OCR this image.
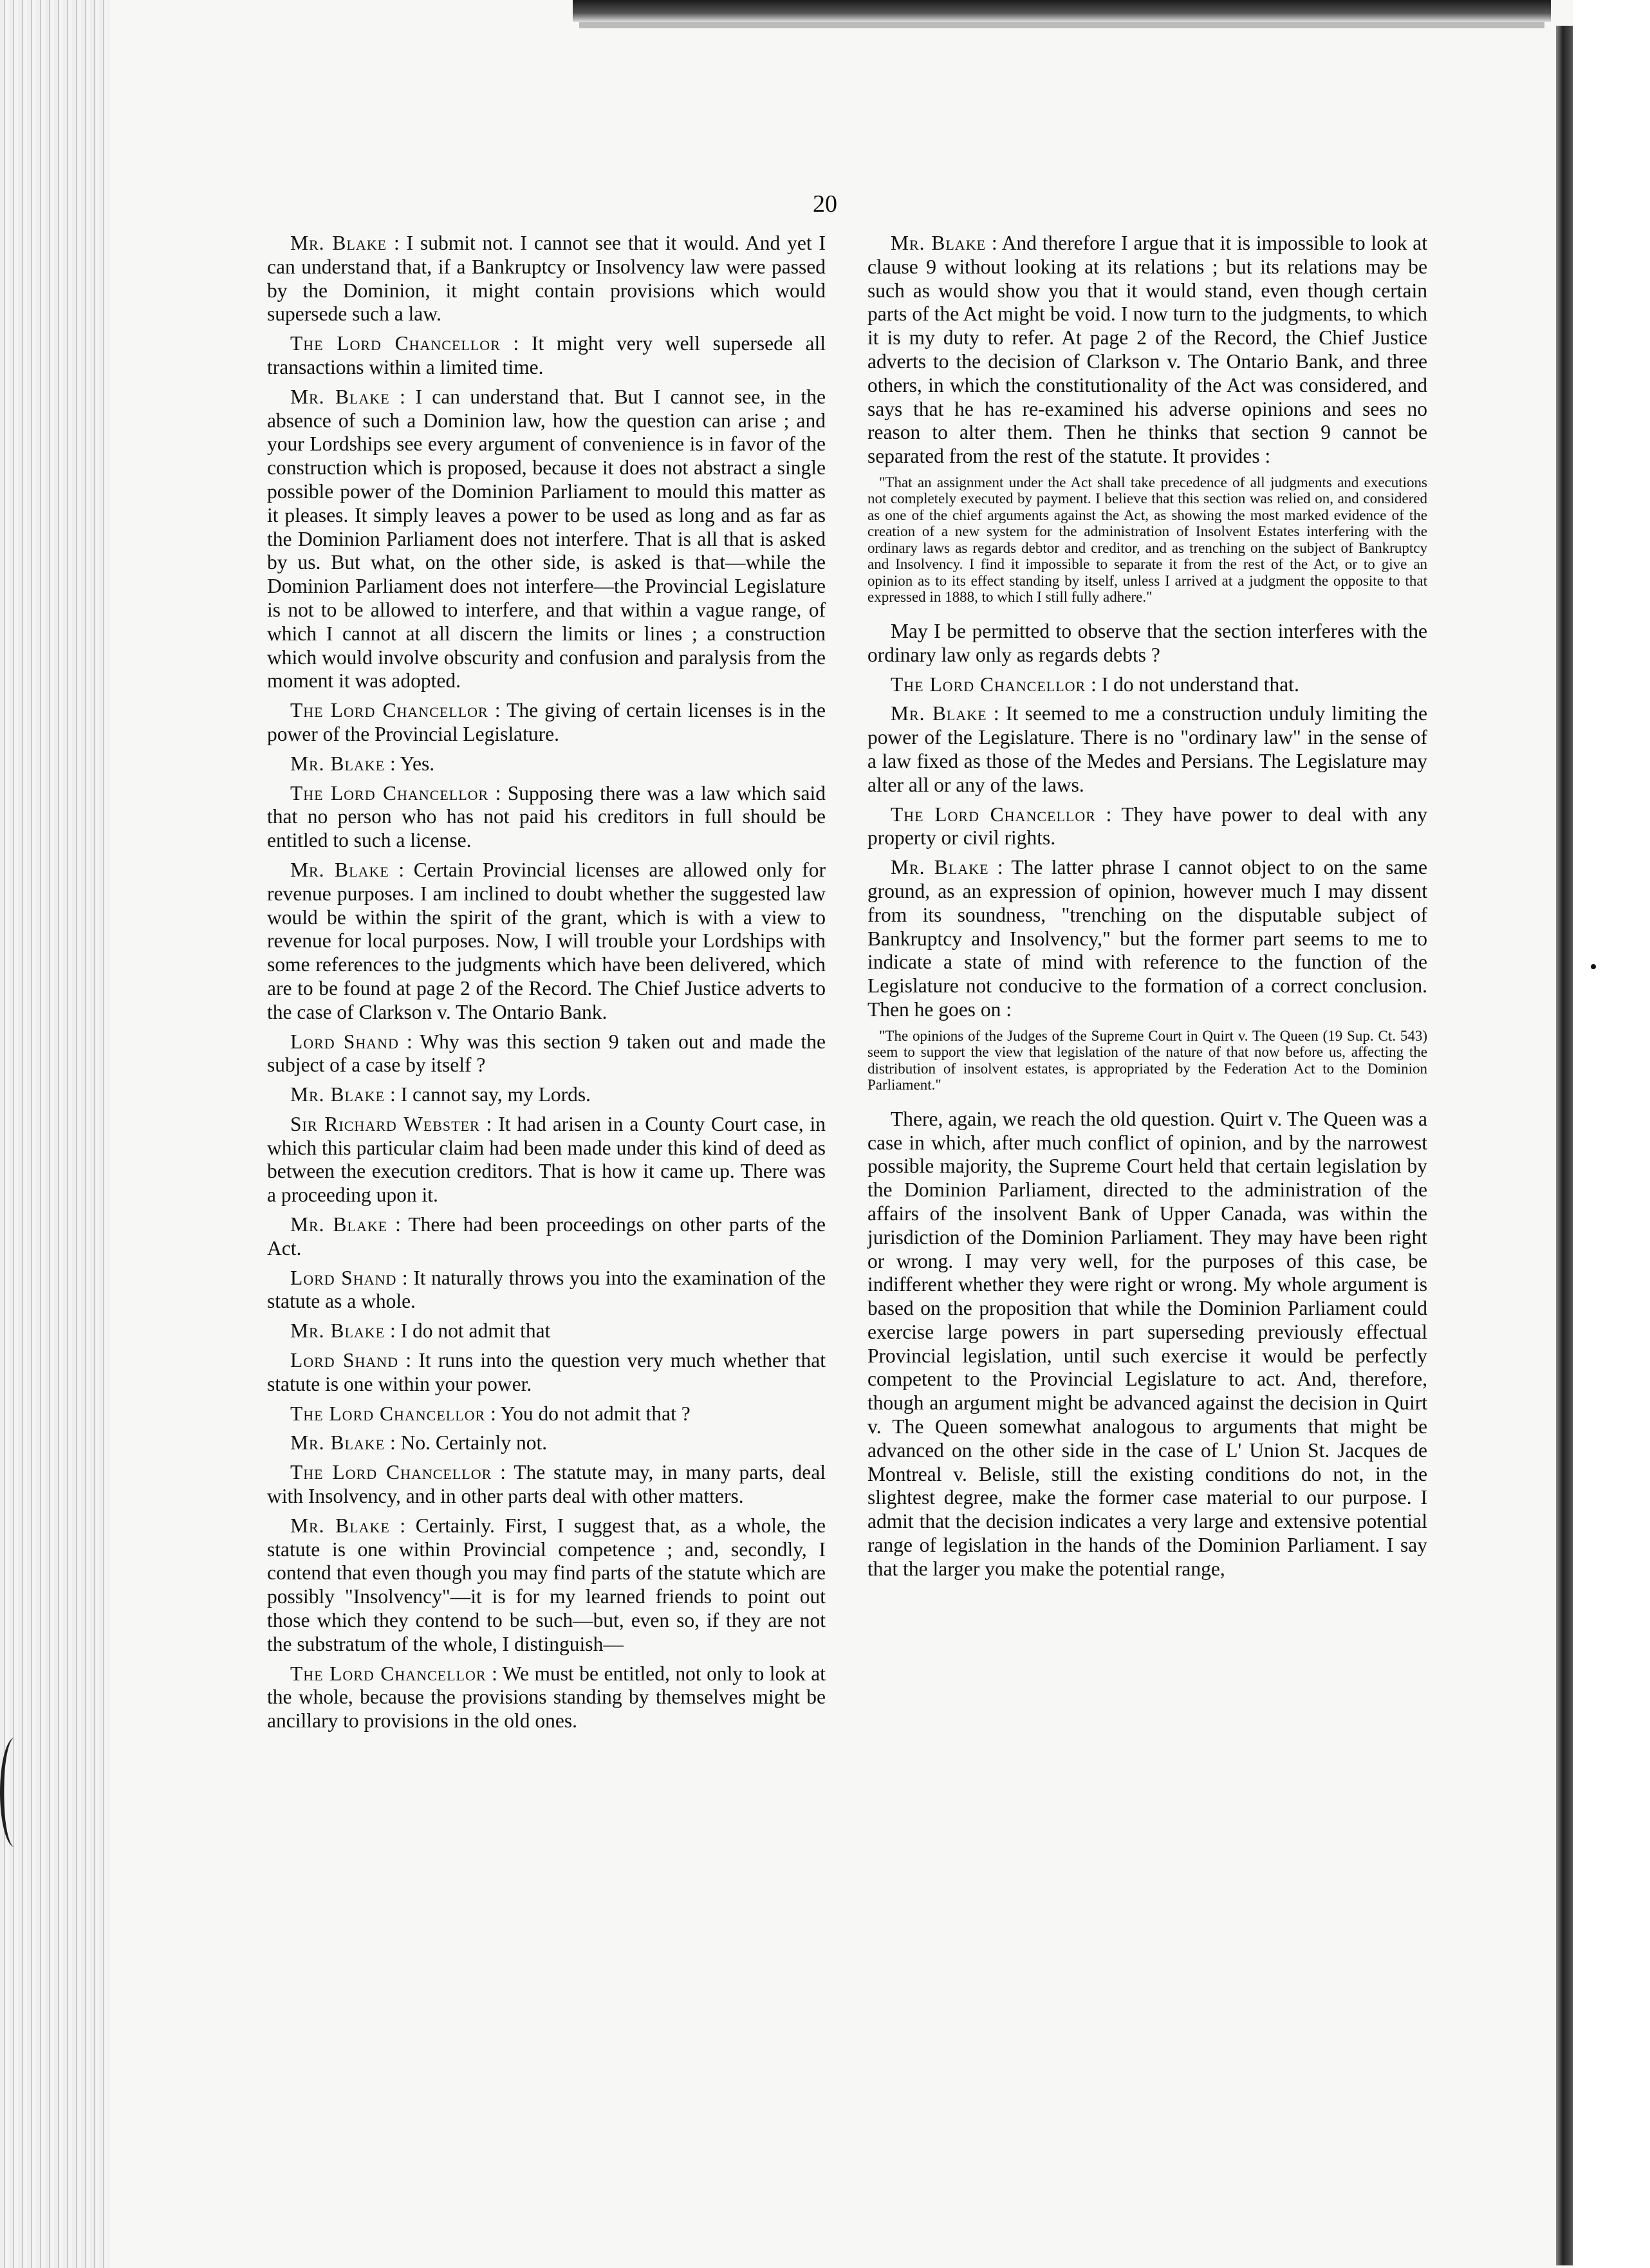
20

Mr. Blake : I submit not. I cannot see that it would. And yet I can understand that, if a Bankruptcy or Insolvency law were passed by the Dominion, it might contain provisions which would supersede such a law.

The Lord Chancellor : It might very well supersede all transactions within a limited time.

Mr. Blake : I can understand that. But I cannot see, in the absence of such a Dominion law, how the question can arise ; and your Lordships see every argument of convenience is in favor of the construction which is proposed, because it does not abstract a single possible power of the Dominion Parliament to mould this matter as it pleases. It simply leaves a power to be used as long and as far as the Dominion Parliament does not interfere. That is all that is asked by us. But what, on the other side, is asked is that—while the Dominion Parliament does not interfere—the Provincial Legislature is not to be allowed to interfere, and that within a vague range, of which I cannot at all discern the limits or lines ; a construction which would involve obscurity and confusion and paralysis from the moment it was adopted.

The Lord Chancellor : The giving of certain licenses is in the power of the Provincial Legislature.

Mr. Blake : Yes.

The Lord Chancellor : Supposing there was a law which said that no person who has not paid his creditors in full should be entitled to such a license.

Mr. Blake : Certain Provincial licenses are allowed only for revenue purposes. I am inclined to doubt whether the suggested law would be within the spirit of the grant, which is with a view to revenue for local purposes. Now, I will trouble your Lordships with some references to the judgments which have been delivered, which are to be found at page 2 of the Record. The Chief Justice adverts to the case of Clarkson v. The Ontario Bank.

Lord Shand : Why was this section 9 taken out and made the subject of a case by itself ?

Mr. Blake : I cannot say, my Lords.

Sir Richard Webster : It had arisen in a County Court case, in which this particular claim had been made under this kind of deed as between the execution creditors. That is how it came up. There was a proceeding upon it.

Mr. Blake : There had been proceedings on other parts of the Act.

Lord Shand : It naturally throws you into the examination of the statute as a whole.

Mr. Blake : I do not admit that

Lord Shand : It runs into the question very much whether that statute is one within your power.

The Lord Chancellor : You do not admit that ?

Mr. Blake : No. Certainly not.

The Lord Chancellor : The statute may, in many parts, deal with Insolvency, and in other parts deal with other matters.

Mr. Blake : Certainly. First, I suggest that, as a whole, the statute is one within Provincial competence ; and, secondly, I contend that even though you may find parts of the statute which are possibly "Insolvency"—it is for my learned friends to point out those which they contend to be such—but, even so, if they are not the substratum of the whole, I distinguish—

The Lord Chancellor : We must be entitled, not only to look at the whole, because the provisions standing by themselves might be ancillary to provisions in the old ones.

Mr. Blake : And therefore I argue that it is impossible to look at clause 9 without looking at its relations ; but its relations may be such as would show you that it would stand, even though certain parts of the Act might be void. I now turn to the judgments, to which it is my duty to refer. At page 2 of the Record, the Chief Justice adverts to the decision of Clarkson v. The Ontario Bank, and three others, in which the constitutionality of the Act was considered, and says that he has re-examined his adverse opinions and sees no reason to alter them. Then he thinks that section 9 cannot be separated from the rest of the statute. It provides :

"That an assignment under the Act shall take precedence of all judgments and executions not completely executed by payment. I believe that this section was relied on, and considered as one of the chief arguments against the Act, as showing the most marked evidence of the creation of a new system for the administration of Insolvent Estates interfering with the ordinary laws as regards debtor and creditor, and as trenching on the subject of Bankruptcy and Insolvency. I find it impossible to separate it from the rest of the Act, or to give an opinion as to its effect standing by itself, unless I arrived at a judgment the opposite to that expressed in 1888, to which I still fully adhere."

May I be permitted to observe that the section interferes with the ordinary law only as regards debts ?

The Lord Chancellor : I do not understand that.

Mr. Blake : It seemed to me a construction unduly limiting the power of the Legislature. There is no "ordinary law" in the sense of a law fixed as those of the Medes and Persians. The Legislature may alter all or any of the laws.

The Lord Chancellor : They have power to deal with any property or civil rights.

Mr. Blake : The latter phrase I cannot object to on the same ground, as an expression of opinion, however much I may dissent from its soundness, "trenching on the disputable subject of Bankruptcy and Insolvency," but the former part seems to me to indicate a state of mind with reference to the function of the Legislature not conducive to the formation of a correct conclusion. Then he goes on :

"The opinions of the Judges of the Supreme Court in Quirt v. The Queen (19 Sup. Ct. 543) seem to support the view that legislation of the nature of that now before us, affecting the distribution of insolvent estates, is appropriated by the Federation Act to the Dominion Parliament."

There, again, we reach the old question. Quirt v. The Queen was a case in which, after much conflict of opinion, and by the narrowest possible majority, the Supreme Court held that certain legislation by the Dominion Parliament, directed to the administration of the affairs of the insolvent Bank of Upper Canada, was within the jurisdiction of the Dominion Parliament. They may have been right or wrong. I may very well, for the purposes of this case, be indifferent whether they were right or wrong. My whole argument is based on the proposition that while the Dominion Parliament could exercise large powers in part superseding previously effectual Provincial legislation, until such exercise it would be perfectly competent to the Provincial Legislature to act. And, therefore, though an argument might be advanced against the decision in Quirt v. The Queen somewhat analogous to arguments that might be advanced on the other side in the case of L' Union St. Jacques de Montreal v. Belisle, still the existing conditions do not, in the slightest degree, make the former case material to our purpose. I admit that the decision indicates a very large and extensive potential range of legislation in the hands of the Dominion Parliament. I say that the larger you make the potential range,
